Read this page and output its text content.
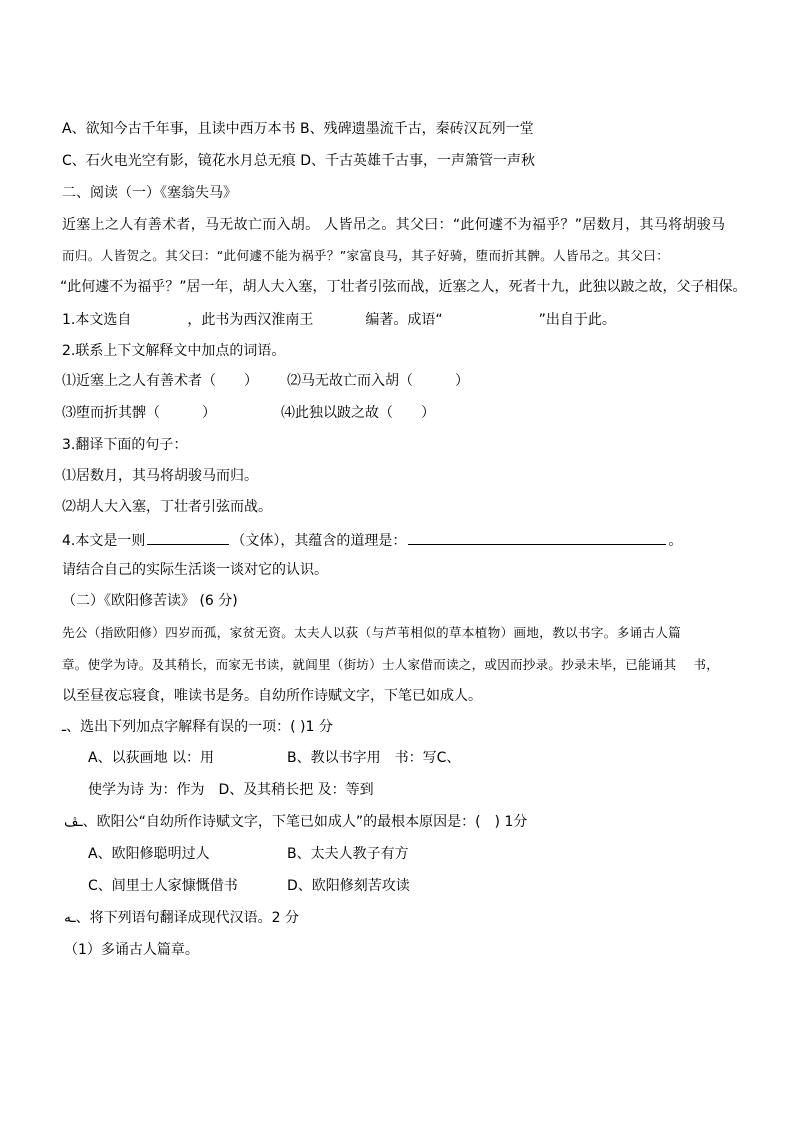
A、欲知今古千年事，且读中西万本书 B、残碑遗墨流千古，秦砖汉瓦列一堂
C、石火电光空有影，镜花水月总无痕 D、千古英雄千古事，一声箫管一声秋
二、阅读（一）《塞翁失马》
近塞上之人有善术者，马无故亡而入胡。 人皆吊之。其父曰：“此何遽不为福乎？”居数月，其马将胡骏马
而归。人皆贺之。其父曰：“此何遽不能为祸乎？”家富良马，其子好骑，堕而折其髀。人皆吊之。其父曰：
“此何遽不为福乎？”居一年，胡人大入塞，丁壮者引弦而战，近塞之人，死者十九，此独以跛之故，父子相保。
1.本文选自	，此书为西汉淮南王	编著。成语“	”出自于此。
2.联系上下文解释文中加点的词语。
⑴近塞上之人有善术者（　　） ⑵马无故亡而入胡（　　　）
⑶堕而折其髀（　　　）	⑷此独以跛之故（　　）
3.翻译下面的句子：
⑴居数月，其马将胡骏马而归。
⑵胡人大入塞，丁壮者引弦而战。
4.本文是一则	（文体），其蕴含的道理是：	。
请结合自己的实际生活谈一谈对它的认识。
（二）《欧阳修苦读》 (6 分)
先公（指欧阳修）四岁而孤，家贫无资。太夫人以荻（与芦苇相似的草本植物）画地，教以书字。多诵古人篇
章。使学为诗。及其稍长，而家无书读，就闾里（街坊）士人家借而读之，或因而抄录。抄录未毕，已能诵其　 书，
以至昼夜忘寝食，唯读书是务。自幼所作诗赋文字，下笔已如成人。
ـ、选出下列加点字解释有误的一项：( )1 分
A、以荻画地 以：用	B、教以书字用　书：写C、
使学为诗 为：作为　D、及其稍长把 及：等到
ـڤ、欧阳公“自幼所作诗赋文字，下笔已如成人”的最根本原因是：(　) 1分
A、欧阳修聪明过人	B、太夫人教子有方
C、闾里士人家慷慨借书	D、欧阳修刻苦攻读
ـه、将下列语句翻译成现代汉语。2 分
（1）多诵古人篇章。
